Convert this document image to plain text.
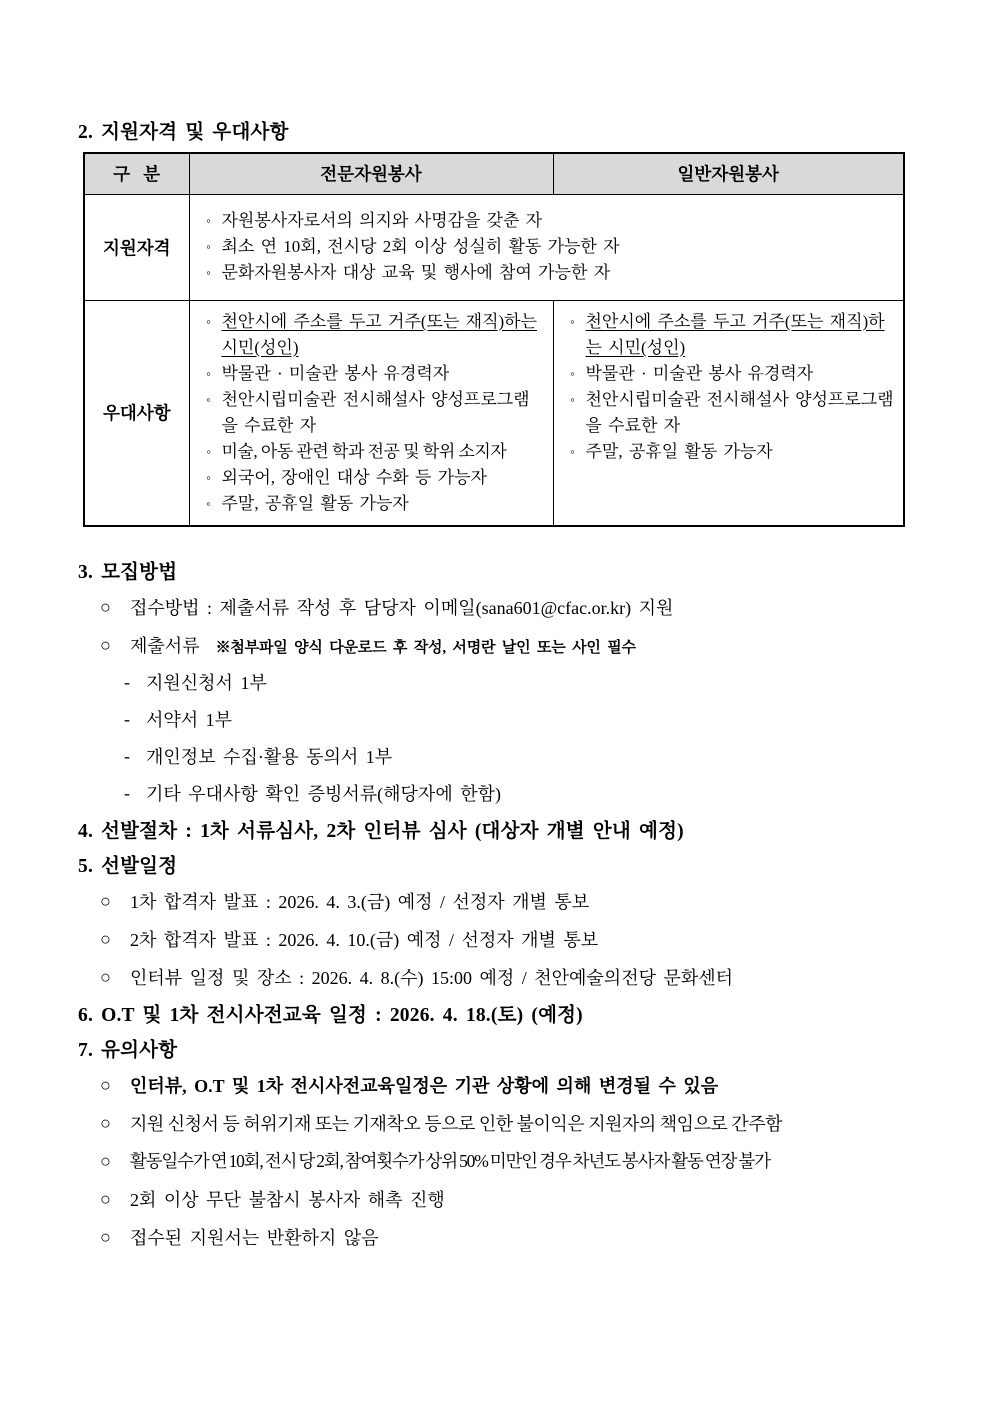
2. 지원자격 및 우대사항
구   분	전문자원봉사	일반자원봉사
지원자격	
◦ 자원봉사자로서의 의지와 사명감을 갖춘 자
◦ 최소 연 10회, 전시당 2회 이상 성실히 활동 가능한 자
◦ 문화자원봉사자 대상 교육 및 행사에 참여 가능한 자

우대사항	
◦ 천안시에 주소를 두고 거주(또는 재직)하는 시민(성인)
◦ 박물관 · 미술관 봉사 유경력자
◦ 천안시립미술관 전시해설사 양성프로그램을 수료한 자
◦ 미술, 아동 관련 학과 전공 및 학위 소지자
◦ 외국어, 장애인 대상 수화 등 가능자
◦ 주말, 공휴일 활동 가능자

◦ 천안시에 주소를 두고 거주(또는 재직)하는 시민(성인)
◦ 박물관 · 미술관 봉사 유경력자
◦ 천안시립미술관 전시해설사 양성프로그램을 수료한 자
◦ 주말, 공휴일 활동 가능자
3. 모집방법
○	접수방법 : 제출서류 작성 후 담당자 이메일(sana601@cfac.or.kr) 지원
○	제출서류 ※첨부파일 양식 다운로드 후 작성, 서명란 날인 또는 사인 필수
- 지원신청서 1부
- 서약서 1부
- 개인정보 수집·활용 동의서 1부
- 기타 우대사항 확인 증빙서류(해당자에 한함)
4. 선발절차 : 1차 서류심사, 2차 인터뷰 심사 (대상자 개별 안내 예정)
5. 선발일정
○	1차 합격자 발표 : 2026. 4. 3.(금) 예정 / 선정자 개별 통보
○	2차 합격자 발표 : 2026. 4. 10.(금) 예정 / 선정자 개별 통보
○	인터뷰 일정 및 장소 : 2026. 4. 8.(수) 15:00 예정 / 천안예술의전당 문화센터
6. O.T 및 1차 전시사전교육 일정 : 2026. 4. 18.(토) (예정)
7. 유의사항
○	인터뷰, O.T 및 1차 전시사전교육일정은 기관 상황에 의해 변경될 수 있음
○	지원 신청서 등 허위기재 또는 기재착오 등으로 인한 불이익은 지원자의 책임으로 간주함
○	활동일수가 연 10회, 전시 당 2회, 참여횟수가 상위 50% 미만인 경우 차년도 봉사자 활동 연장 불가
○	2회 이상 무단 불참시 봉사자 해촉 진행
○	접수된 지원서는 반환하지 않음
